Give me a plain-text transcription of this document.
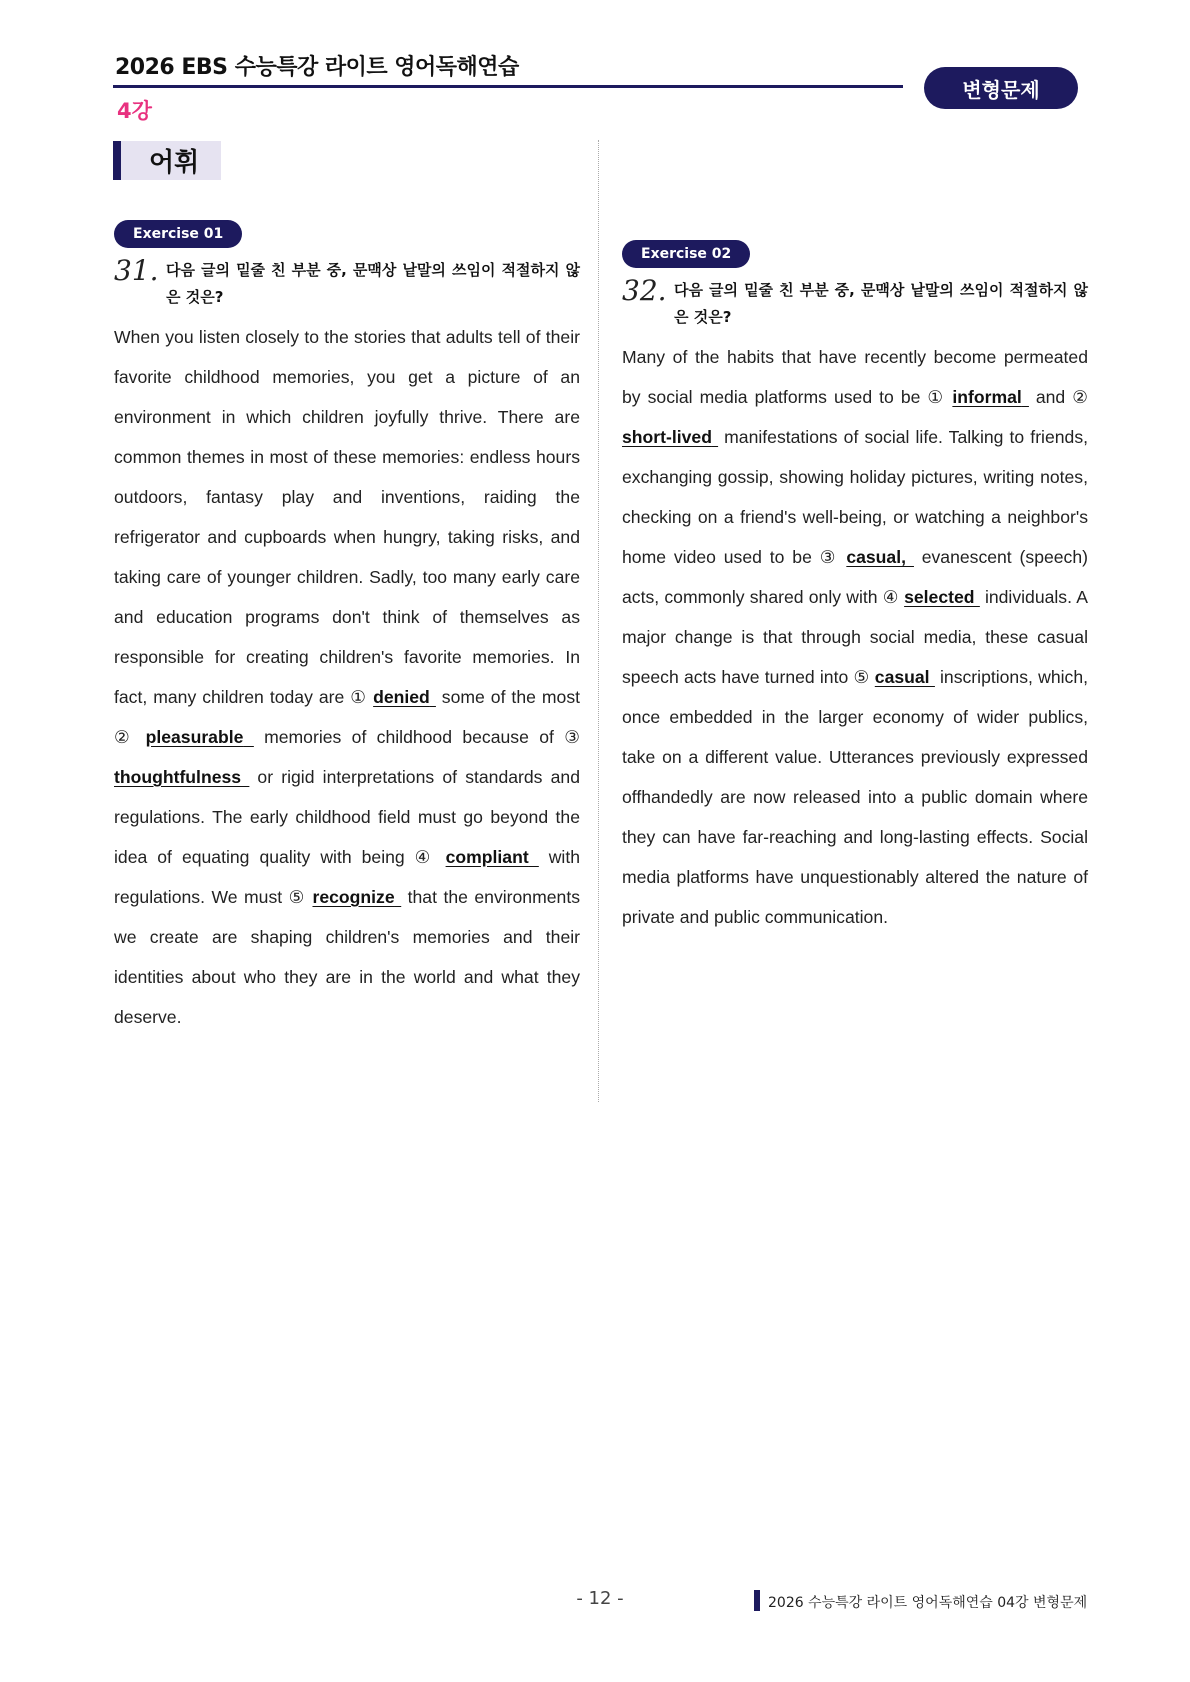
2026 EBS 수능특강 라이트 영어독해연습
4강
변형문제
어휘
Exercise 01
31. 다음 글의 밑줄 친 부분 중, 문맥상 낱말의 쓰임이 적절하지 않은 것은?

When you listen closely to the stories that adults tell of their favorite childhood memories, you get a picture of an environment in which children joyfully thrive. There are common themes in most of these memories: endless hours outdoors, fantasy play and inventions, raiding the refrigerator and cupboards when hungry, taking risks, and taking care of younger children. Sadly, too many early care and education programs don't think of themselves as responsible for creating children's favorite memories. In fact, many children today are ① denied some of the most ② pleasurable memories of childhood because of ③ thoughtfulness or rigid interpretations of standards and regulations. The early childhood field must go beyond the idea of equating quality with being ④ compliant with regulations. We must ⑤ recognize that the environments we create are shaping children's memories and their identities about who they are in the world and what they deserve.

Exercise 02
32. 다음 글의 밑줄 친 부분 중, 문맥상 낱말의 쓰임이 적절하지 않은 것은?

Many of the habits that have recently become permeated by social media platforms used to be ① informal and ② short-lived manifestations of social life. Talking to friends, exchanging gossip, showing holiday pictures, writing notes, checking on a friend's well-being, or watching a neighbor's home video used to be ③ casual, evanescent (speech) acts, commonly shared only with ④ selected individuals. A major change is that through social media, these casual speech acts have turned into ⑤ casual inscriptions, which, once embedded in the larger economy of wider publics, take on a different value. Utterances previously expressed offhandedly are now released into a public domain where they can have far-reaching and long-lasting effects. Social media platforms have unquestionably altered the nature of private and public communication.

- 12 -	2026 수능특강 라이트 영어독해연습 04강 변형문제
